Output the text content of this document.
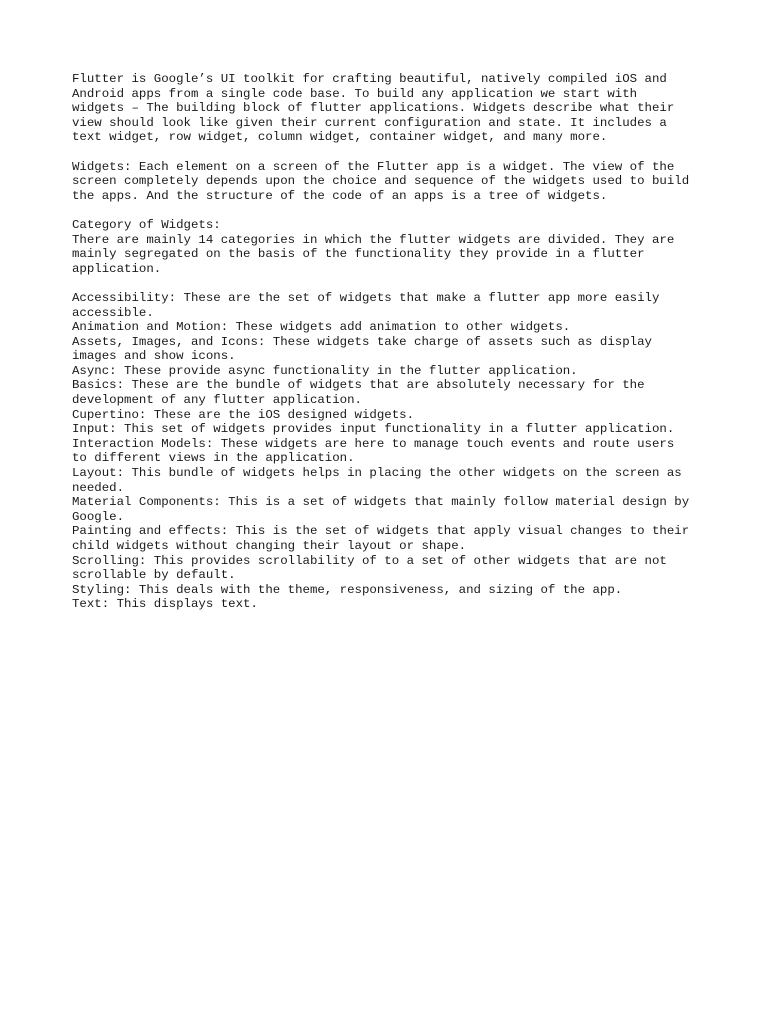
Flutter is Google’s UI toolkit for crafting beautiful, natively compiled iOS and
Android apps from a single code base. To build any application we start with
widgets – The building block of flutter applications. Widgets describe what their
view should look like given their current configuration and state. It includes a
text widget, row widget, column widget, container widget, and many more.

Widgets: Each element on a screen of the Flutter app is a widget. The view of the
screen completely depends upon the choice and sequence of the widgets used to build
the apps. And the structure of the code of an apps is a tree of widgets.

Category of Widgets:
There are mainly 14 categories in which the flutter widgets are divided. They are
mainly segregated on the basis of the functionality they provide in a flutter
application.

Accessibility: These are the set of widgets that make a flutter app more easily
accessible.
Animation and Motion: These widgets add animation to other widgets.
Assets, Images, and Icons: These widgets take charge of assets such as display
images and show icons.
Async: These provide async functionality in the flutter application.
Basics: These are the bundle of widgets that are absolutely necessary for the
development of any flutter application.
Cupertino: These are the iOS designed widgets.
Input: This set of widgets provides input functionality in a flutter application.
Interaction Models: These widgets are here to manage touch events and route users
to different views in the application.
Layout: This bundle of widgets helps in placing the other widgets on the screen as
needed.
Material Components: This is a set of widgets that mainly follow material design by
Google.
Painting and effects: This is the set of widgets that apply visual changes to their
child widgets without changing their layout or shape.
Scrolling: This provides scrollability of to a set of other widgets that are not
scrollable by default.
Styling: This deals with the theme, responsiveness, and sizing of the app.
Text: This displays text.
